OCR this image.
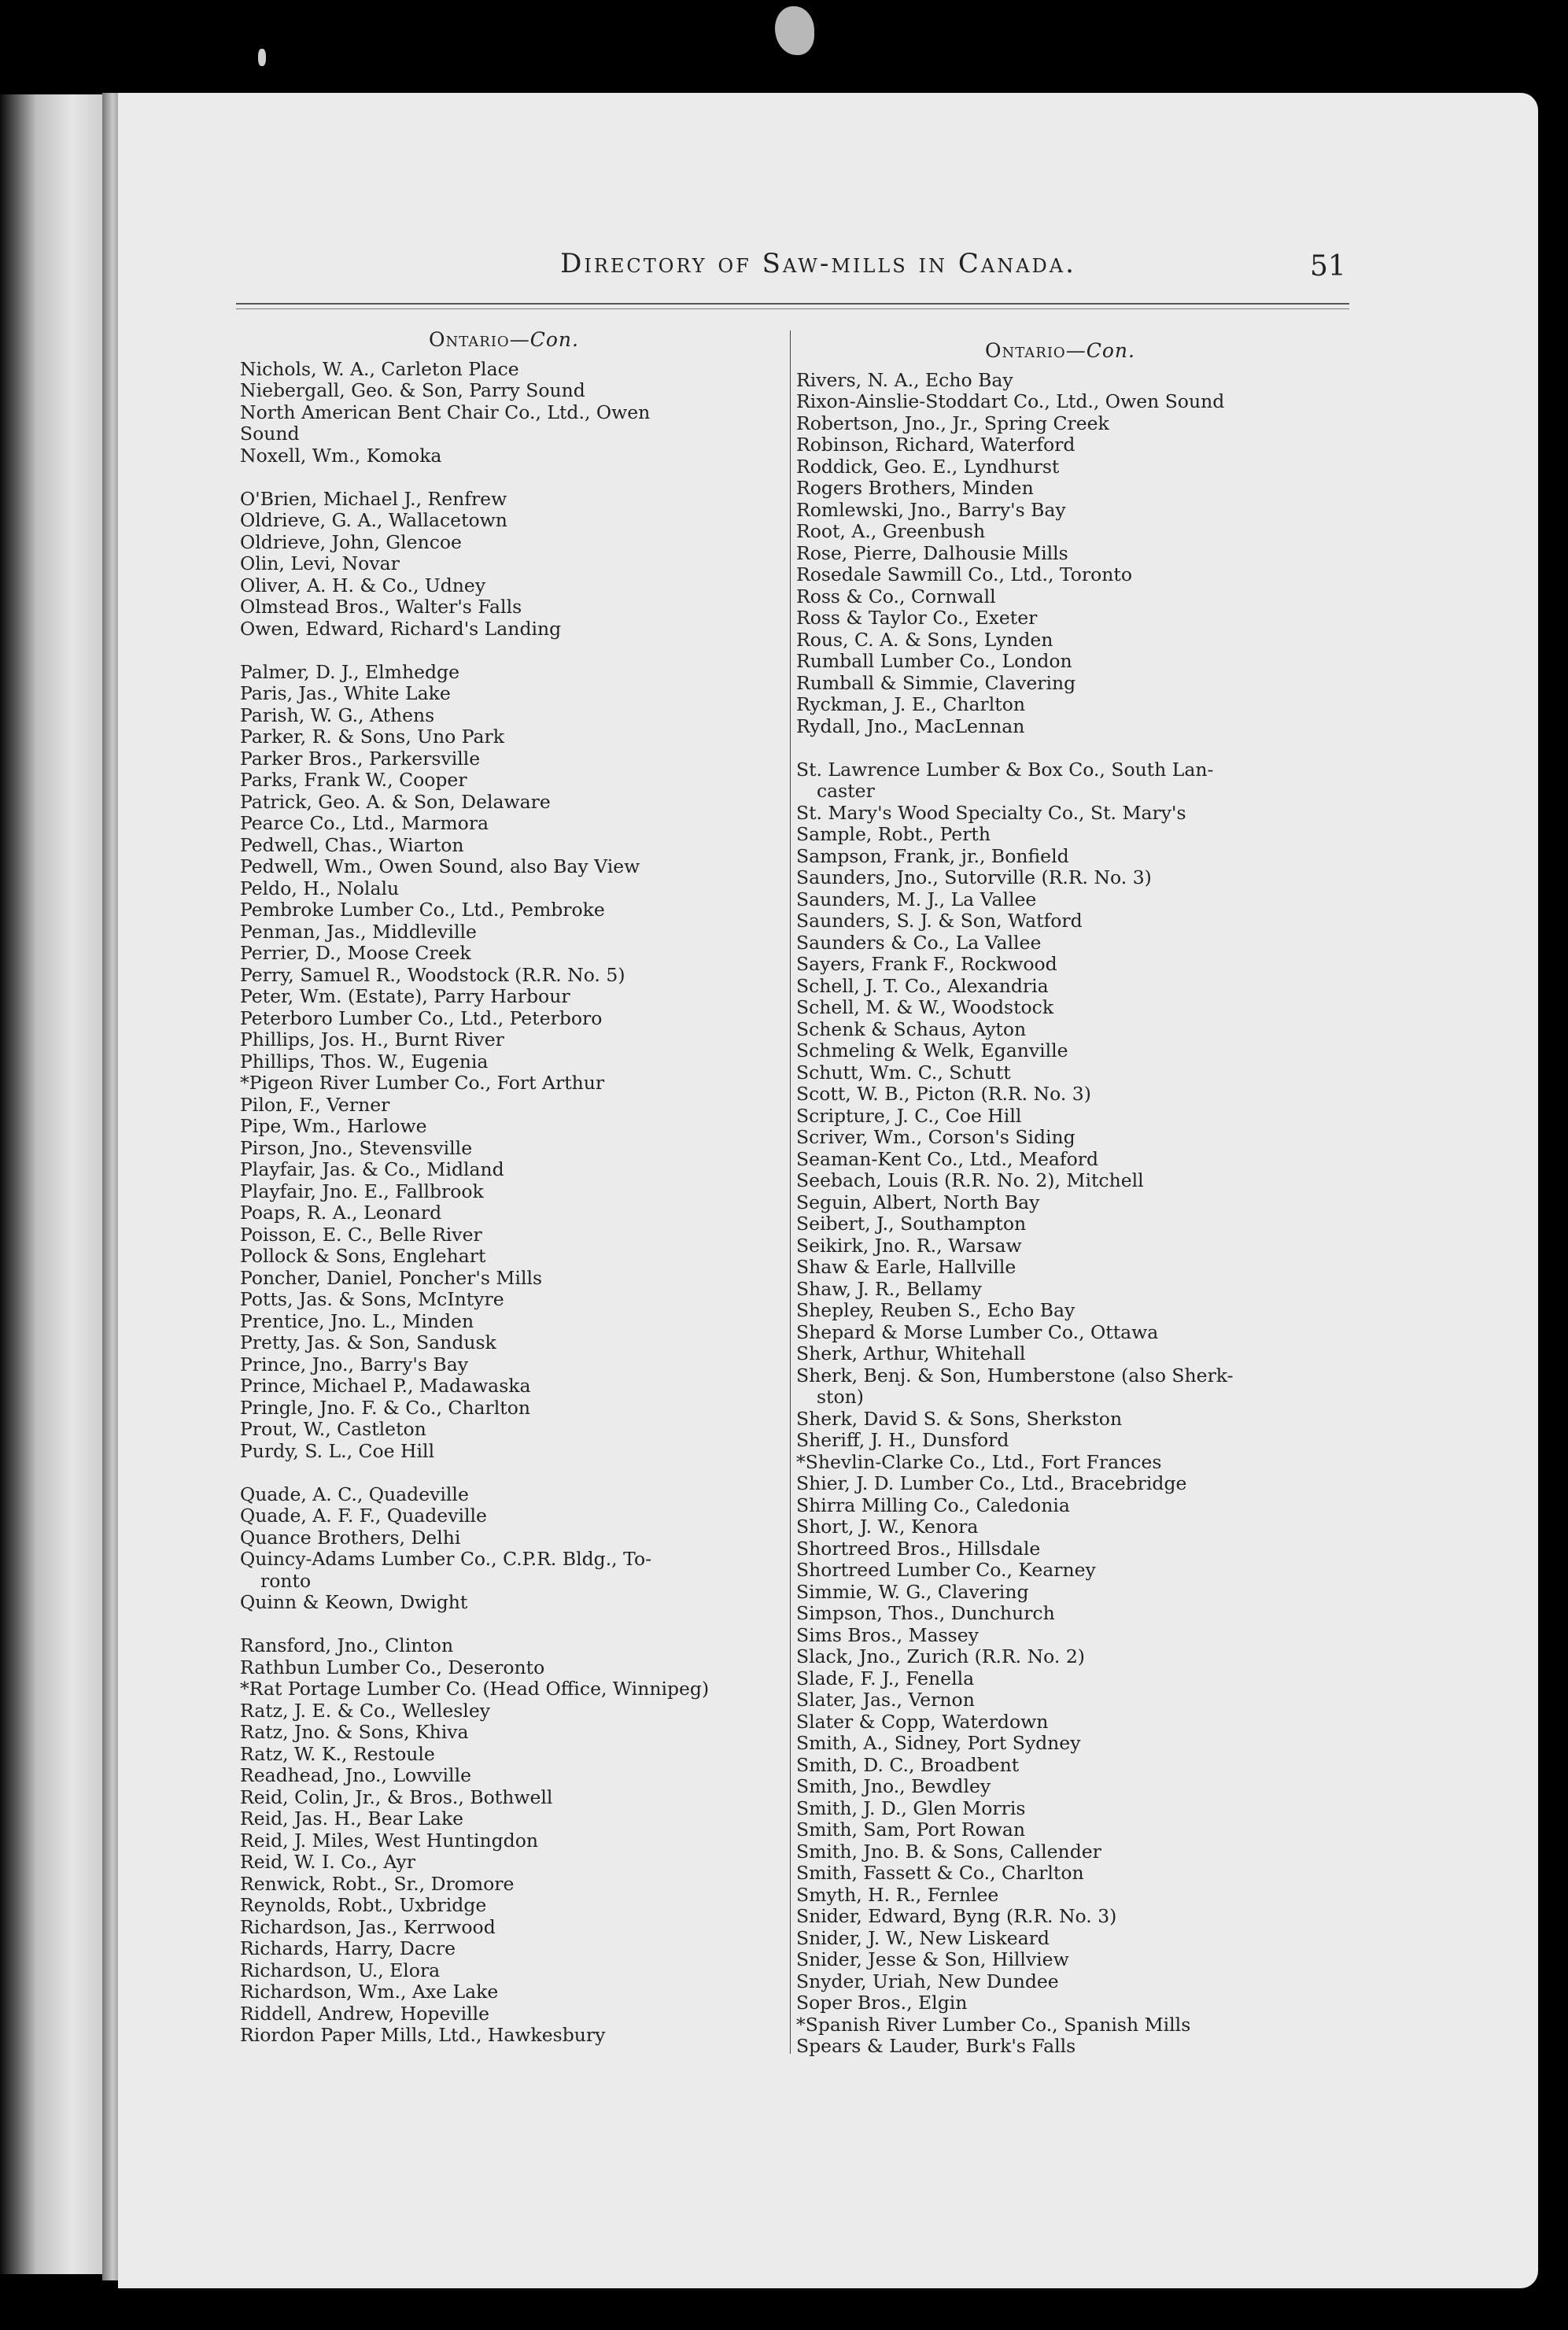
Directory of Saw-mills in Canada.	51
Ontario—Con.
Nichols, W. A., Carleton Place
Niebergall, Geo. & Son, Parry Sound
North American Bent Chair Co., Ltd., Owen
Sound
Noxell, Wm., Komoka
O'Brien, Michael J., Renfrew
Oldrieve, G. A., Wallacetown
Oldrieve, John, Glencoe
Olin, Levi, Novar
Oliver, A. H. & Co., Udney
Olmstead Bros., Walter's Falls
Owen, Edward, Richard's Landing
Palmer, D. J., Elmhedge
Paris, Jas., White Lake
Parish, W. G., Athens
Parker, R. & Sons, Uno Park
Parker Bros., Parkersville
Parks, Frank W., Cooper
Patrick, Geo. A. & Son, Delaware
Pearce Co., Ltd., Marmora
Pedwell, Chas., Wiarton
Pedwell, Wm., Owen Sound, also Bay View
Peldo, H., Nolalu
Pembroke Lumber Co., Ltd., Pembroke
Penman, Jas., Middleville
Perrier, D., Moose Creek
Perry, Samuel R., Woodstock (R.R. No. 5)
Peter, Wm. (Estate), Parry Harbour
Peterboro Lumber Co., Ltd., Peterboro
Phillips, Jos. H., Burnt River
Phillips, Thos. W., Eugenia
*Pigeon River Lumber Co., Fort Arthur
Pilon, F., Verner
Pipe, Wm., Harlowe
Pirson, Jno., Stevensville
Playfair, Jas. & Co., Midland
Playfair, Jno. E., Fallbrook
Poaps, R. A., Leonard
Poisson, E. C., Belle River
Pollock & Sons, Englehart
Poncher, Daniel, Poncher's Mills
Potts, Jas. & Sons, McIntyre
Prentice, Jno. L., Minden
Pretty, Jas. & Son, Sandusk
Prince, Jno., Barry's Bay
Prince, Michael P., Madawaska
Pringle, Jno. F. & Co., Charlton
Prout, W., Castleton
Purdy, S. L., Coe Hill
Quade, A. C., Quadeville
Quade, A. F. F., Quadeville
Quance Brothers, Delhi
Quincy-Adams Lumber Co., C.P.R. Bldg., To-
ronto
Quinn & Keown, Dwight
Ransford, Jno., Clinton
Rathbun Lumber Co., Deseronto
*Rat Portage Lumber Co. (Head Office, Winnipeg)
Ratz, J. E. & Co., Wellesley
Ratz, Jno. & Sons, Khiva
Ratz, W. K., Restoule
Readhead, Jno., Lowville
Reid, Colin, Jr., & Bros., Bothwell
Reid, Jas. H., Bear Lake
Reid, J. Miles, West Huntingdon
Reid, W. I. Co., Ayr
Renwick, Robt., Sr., Dromore
Reynolds, Robt., Uxbridge
Richardson, Jas., Kerrwood
Richards, Harry, Dacre
Richardson, U., Elora
Richardson, Wm., Axe Lake
Riddell, Andrew, Hopeville
Riordon Paper Mills, Ltd., Hawkesbury
Ontario—Con.
Rivers, N. A., Echo Bay
Rixon-Ainslie-Stoddart Co., Ltd., Owen Sound
Robertson, Jno., Jr., Spring Creek
Robinson, Richard, Waterford
Roddick, Geo. E., Lyndhurst
Rogers Brothers, Minden
Romlewski, Jno., Barry's Bay
Root, A., Greenbush
Rose, Pierre, Dalhousie Mills
Rosedale Sawmill Co., Ltd., Toronto
Ross & Co., Cornwall
Ross & Taylor Co., Exeter
Rous, C. A. & Sons, Lynden
Rumball Lumber Co., London
Rumball & Simmie, Clavering
Ryckman, J. E., Charlton
Rydall, Jno., MacLennan
St. Lawrence Lumber & Box Co., South Lan-
caster
St. Mary's Wood Specialty Co., St. Mary's
Sample, Robt., Perth
Sampson, Frank, jr., Bonfield
Saunders, Jno., Sutorville (R.R. No. 3)
Saunders, M. J., La Vallee
Saunders, S. J. & Son, Watford
Saunders & Co., La Vallee
Sayers, Frank F., Rockwood
Schell, J. T. Co., Alexandria
Schell, M. & W., Woodstock
Schenk & Schaus, Ayton
Schmeling & Welk, Eganville
Schutt, Wm. C., Schutt
Scott, W. B., Picton (R.R. No. 3)
Scripture, J. C., Coe Hill
Scriver, Wm., Corson's Siding
Seaman-Kent Co., Ltd., Meaford
Seebach, Louis (R.R. No. 2), Mitchell
Seguin, Albert, North Bay
Seibert, J., Southampton
Seikirk, Jno. R., Warsaw
Shaw & Earle, Hallville
Shaw, J. R., Bellamy
Shepley, Reuben S., Echo Bay
Shepard & Morse Lumber Co., Ottawa
Sherk, Arthur, Whitehall
Sherk, Benj. & Son, Humberstone (also Sherk-
ston)
Sherk, David S. & Sons, Sherkston
Sheriff, J. H., Dunsford
*Shevlin-Clarke Co., Ltd., Fort Frances
Shier, J. D. Lumber Co., Ltd., Bracebridge
Shirra Milling Co., Caledonia
Short, J. W., Kenora
Shortreed Bros., Hillsdale
Shortreed Lumber Co., Kearney
Simmie, W. G., Clavering
Simpson, Thos., Dunchurch
Sims Bros., Massey
Slack, Jno., Zurich (R.R. No. 2)
Slade, F. J., Fenella
Slater, Jas., Vernon
Slater & Copp, Waterdown
Smith, A., Sidney, Port Sydney
Smith, D. C., Broadbent
Smith, Jno., Bewdley
Smith, J. D., Glen Morris
Smith, Sam, Port Rowan
Smith, Jno. B. & Sons, Callender
Smith, Fassett & Co., Charlton
Smyth, H. R., Fernlee
Snider, Edward, Byng (R.R. No. 3)
Snider, J. W., New Liskeard
Snider, Jesse & Son, Hillview
Snyder, Uriah, New Dundee
Soper Bros., Elgin
*Spanish River Lumber Co., Spanish Mills
Spears & Lauder, Burk's Falls
